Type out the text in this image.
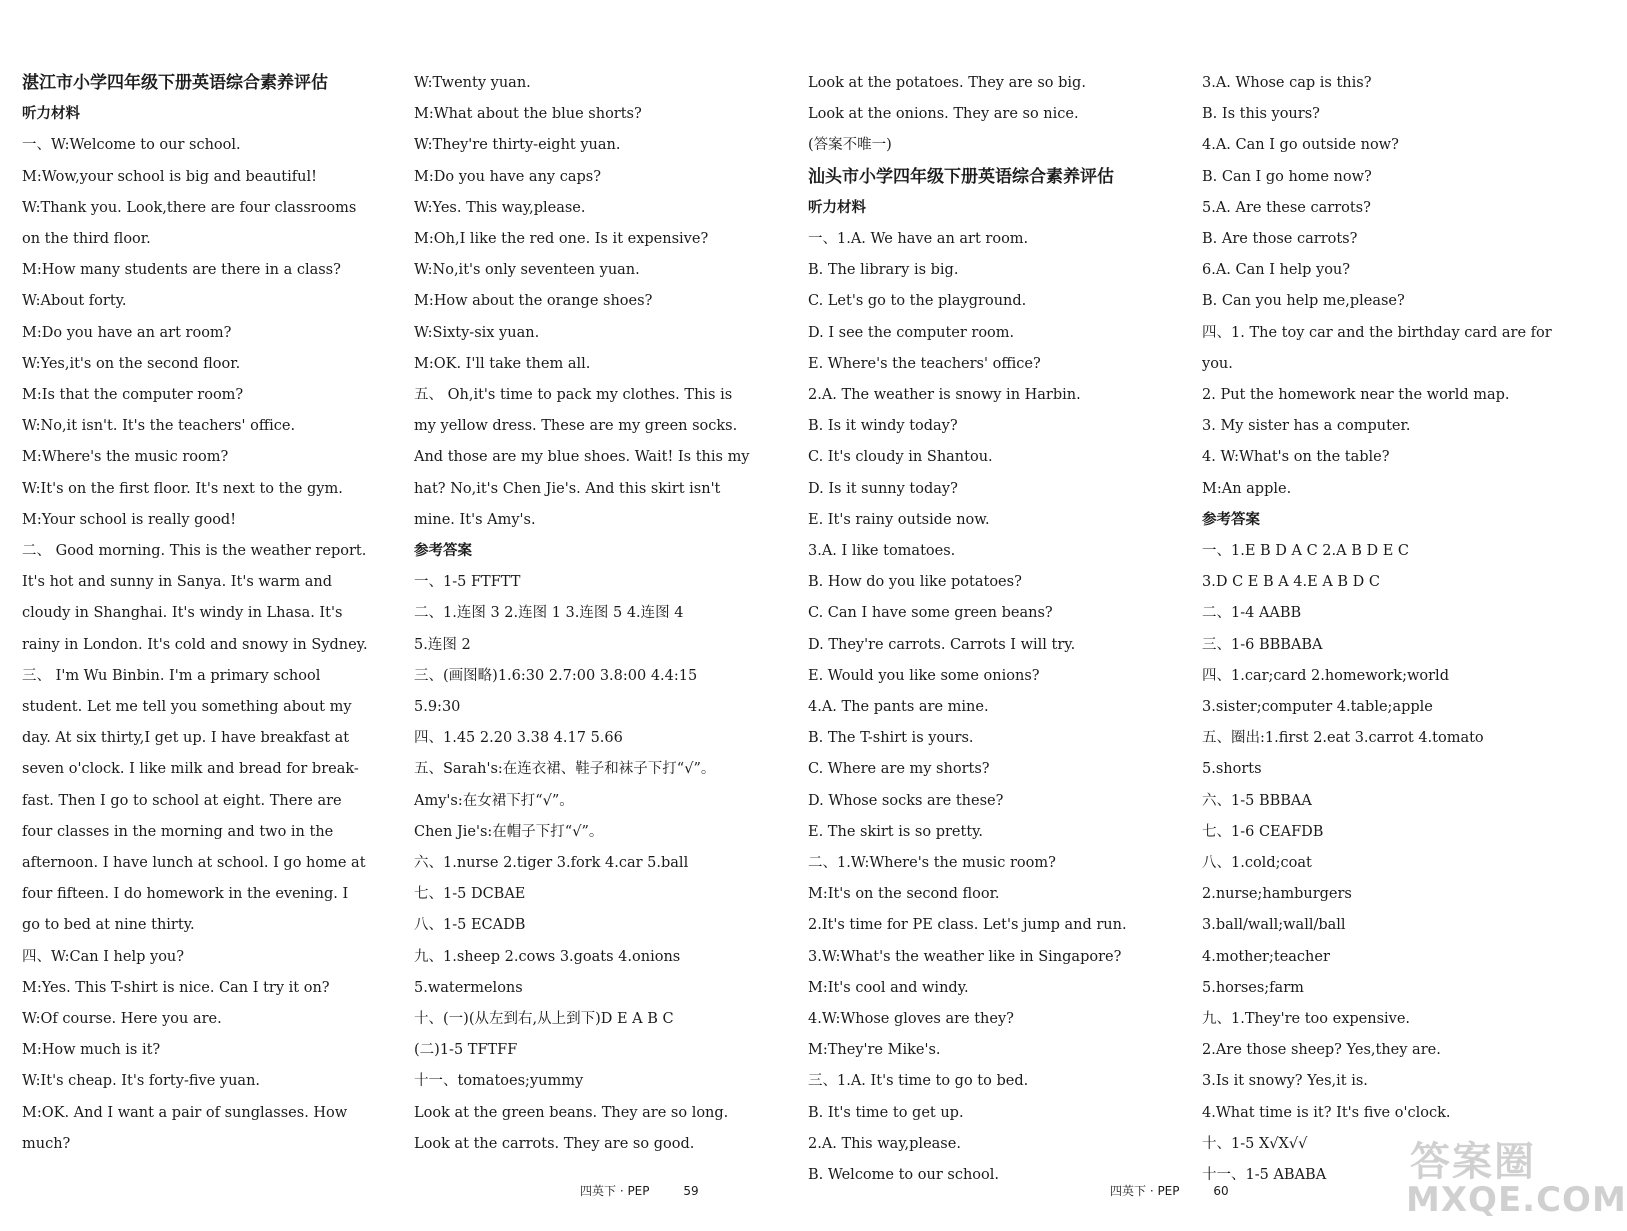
湛江市小学四年级下册英语综合素养评估
听力材料
一、W:Welcome to our school.
M:Wow,your school is big and beautiful!
W:Thank you. Look,there are four classrooms
on the third floor.
M:How many students are there in a class?
W:About forty.
M:Do you have an art room?
W:Yes,it's on the second floor.
M:Is that the computer room?
W:No,it isn't. It's the teachers' office.
M:Where's the music room?
W:It's on the first floor. It's next to the gym.
M:Your school is really good!
二、 Good morning. This is the weather report.
It's hot and sunny in Sanya. It's warm and
cloudy in Shanghai. It's windy in Lhasa. It's
rainy in London. It's cold and snowy in Sydney.
三、 I'm Wu Binbin. I'm a primary school
student. Let me tell you something about my
day. At six thirty,I get up. I have breakfast at
seven o'clock. I like milk and bread for break-
fast. Then I go to school at eight. There are
four classes in the morning and two in the
afternoon. I have lunch at school. I go home at
four fifteen. I do homework in the evening. I
go to bed at nine thirty.
四、W:Can I help you?
M:Yes. This T-shirt is nice. Can I try it on?
W:Of course. Here you are.
M:How much is it?
W:It's cheap. It's forty-five yuan.
M:OK. And I want a pair of sunglasses. How
much?
W:Twenty yuan.
M:What about the blue shorts?
W:They're thirty-eight yuan.
M:Do you have any caps?
W:Yes. This way,please.
M:Oh,I like the red one. Is it expensive?
W:No,it's only seventeen yuan.
M:How about the orange shoes?
W:Sixty-six yuan.
M:OK. I'll take them all.
五、 Oh,it's time to pack my clothes. This is
my yellow dress. These are my green socks.
And those are my blue shoes. Wait! Is this my
hat? No,it's Chen Jie's. And this skirt isn't
mine. It's Amy's.
参考答案
一、1-5 FTFTT
二、1.连图 3 2.连图 1 3.连图 5 4.连图 4
5.连图 2
三、(画图略)1.6:30 2.7:00 3.8:00 4.4:15
5.9:30
四、1.45 2.20 3.38 4.17 5.66
五、Sarah's:在连衣裙、鞋子和袜子下打“√”。
Amy's:在女裙下打“√”。
Chen Jie's:在帽子下打“√”。
六、1.nurse 2.tiger 3.fork 4.car 5.ball
七、1-5 DCBAE
八、1-5 ECADB
九、1.sheep 2.cows 3.goats 4.onions
5.watermelons
十、(一)(从左到右,从上到下)D E A B C
(二)1-5 TFTFF
十一、tomatoes;yummy
Look at the green beans. They are so long.
Look at the carrots. They are so good.
Look at the potatoes. They are so big.
Look at the onions. They are so nice.
(答案不唯一)
汕头市小学四年级下册英语综合素养评估
听力材料
一、1.A. We have an art room.
B. The library is big.
C. Let's go to the playground.
D. I see the computer room.
E. Where's the teachers' office?
2.A. The weather is snowy in Harbin.
B. Is it windy today?
C. It's cloudy in Shantou.
D. Is it sunny today?
E. It's rainy outside now.
3.A. I like tomatoes.
B. How do you like potatoes?
C. Can I have some green beans?
D. They're carrots. Carrots I will try.
E. Would you like some onions?
4.A. The pants are mine.
B. The T-shirt is yours.
C. Where are my shorts?
D. Whose socks are these?
E. The skirt is so pretty.
二、1.W:Where's the music room?
M:It's on the second floor.
2.It's time for PE class. Let's jump and run.
3.W:What's the weather like in Singapore?
M:It's cool and windy.
4.W:Whose gloves are they?
M:They're Mike's.
三、1.A. It's time to go to bed.
B. It's time to get up.
2.A. This way,please.
B. Welcome to our school.
3.A. Whose cap is this?
B. Is this yours?
4.A. Can I go outside now?
B. Can I go home now?
5.A. Are these carrots?
B. Are those carrots?
6.A. Can I help you?
B. Can you help me,please?
四、1. The toy car and the birthday card are for
you.
2. Put the homework near the world map.
3. My sister has a computer.
4. W:What's on the table?
M:An apple.
参考答案
一、1.E B D A C 2.A B D E C
3.D C E B A 4.E A B D C
二、1-4 AABB
三、1-6 BBBABA
四、1.car;card 2.homework;world
3.sister;computer 4.table;apple
五、圈出:1.first 2.eat 3.carrot 4.tomato
5.shorts
六、1-5 BBBAA
七、1-6 CEAFDB
八、1.cold;coat
2.nurse;hamburgers
3.ball/wall;wall/ball
4.mother;teacher
5.horses;farm
九、1.They're too expensive.
2.Are those sheep? Yes,they are.
3.Is it snowy? Yes,it is.
4.What time is it? It's five o'clock.
十、1-5 X√X√√
十一、1-5 ABABA
四英下 · PEP	59	四英下 · PEP	60
答案圈
MXQE.COM
